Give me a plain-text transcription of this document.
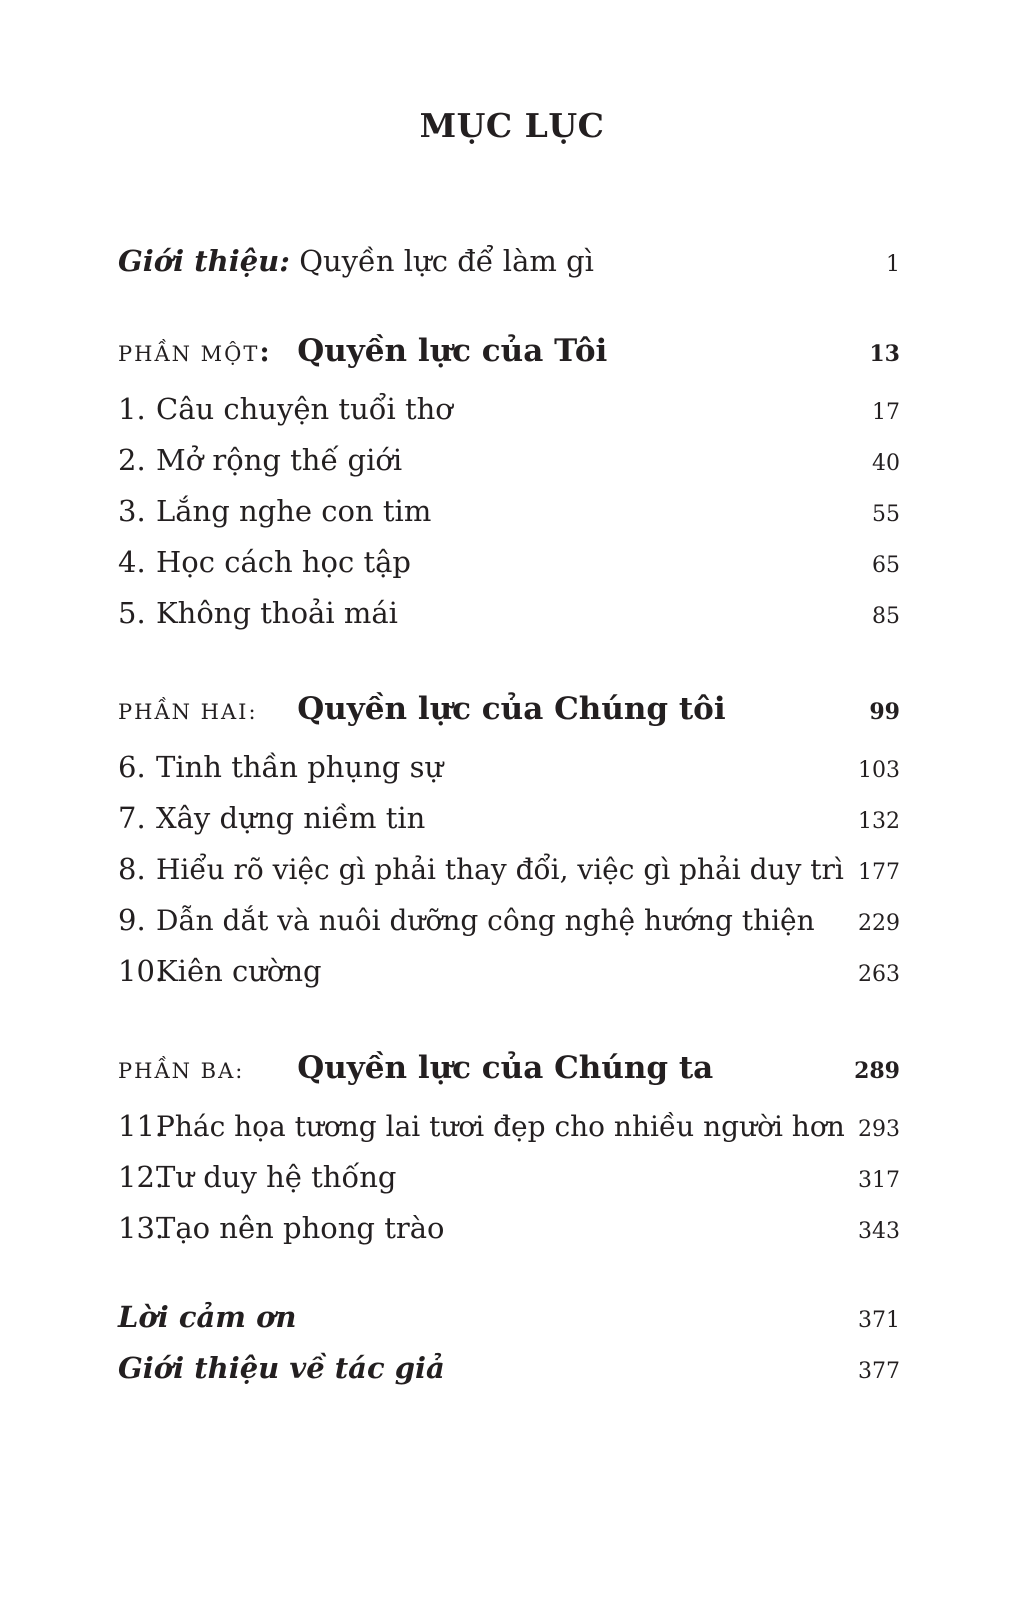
MỤC LỤC
Giới thiệu: Quyền lực để làm gì	1
PHẦN MỘT: Quyền lực của Tôi	13
1. Câu chuyện tuổi thơ	17
2. Mở rộng thế giới	40
3. Lắng nghe con tim	55
4. Học cách học tập	65
5. Không thoải mái	85
PHẦN HAI: Quyền lực của Chúng tôi	99
6. Tinh thần phụng sự	103
7. Xây dựng niềm tin	132
8. Hiểu rõ việc gì phải thay đổi, việc gì phải duy trì 177
9. Dẫn dắt và nuôi dưỡng công nghệ hướng thiện	229
10.Kiên cường	263
PHẦN BA: Quyền lực của Chúng ta	289
11.Phác họa tương lai tươi đẹp cho nhiều người hơn 293
12.Tư duy hệ thống	317
13.Tạo nên phong trào	343
Lời cảm ơn	371
Giới thiệu về tác giả	377
